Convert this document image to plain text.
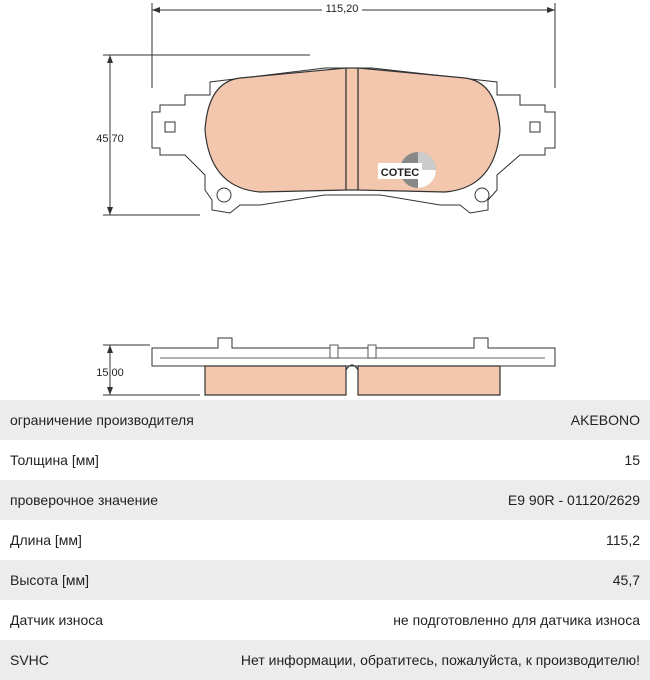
115,20
45,70
COTEC
15,00
ограничение производителя	AKEBONO
Толщина [мм]	15
проверочное значение	E9 90R - 01120/2629
Длина [мм]	115,2
Высота [мм]	45,7
Датчик износа	не подготовленно для датчика износа
SVHC	Нет информации, обратитесь, пожалуйста, к производителю!
